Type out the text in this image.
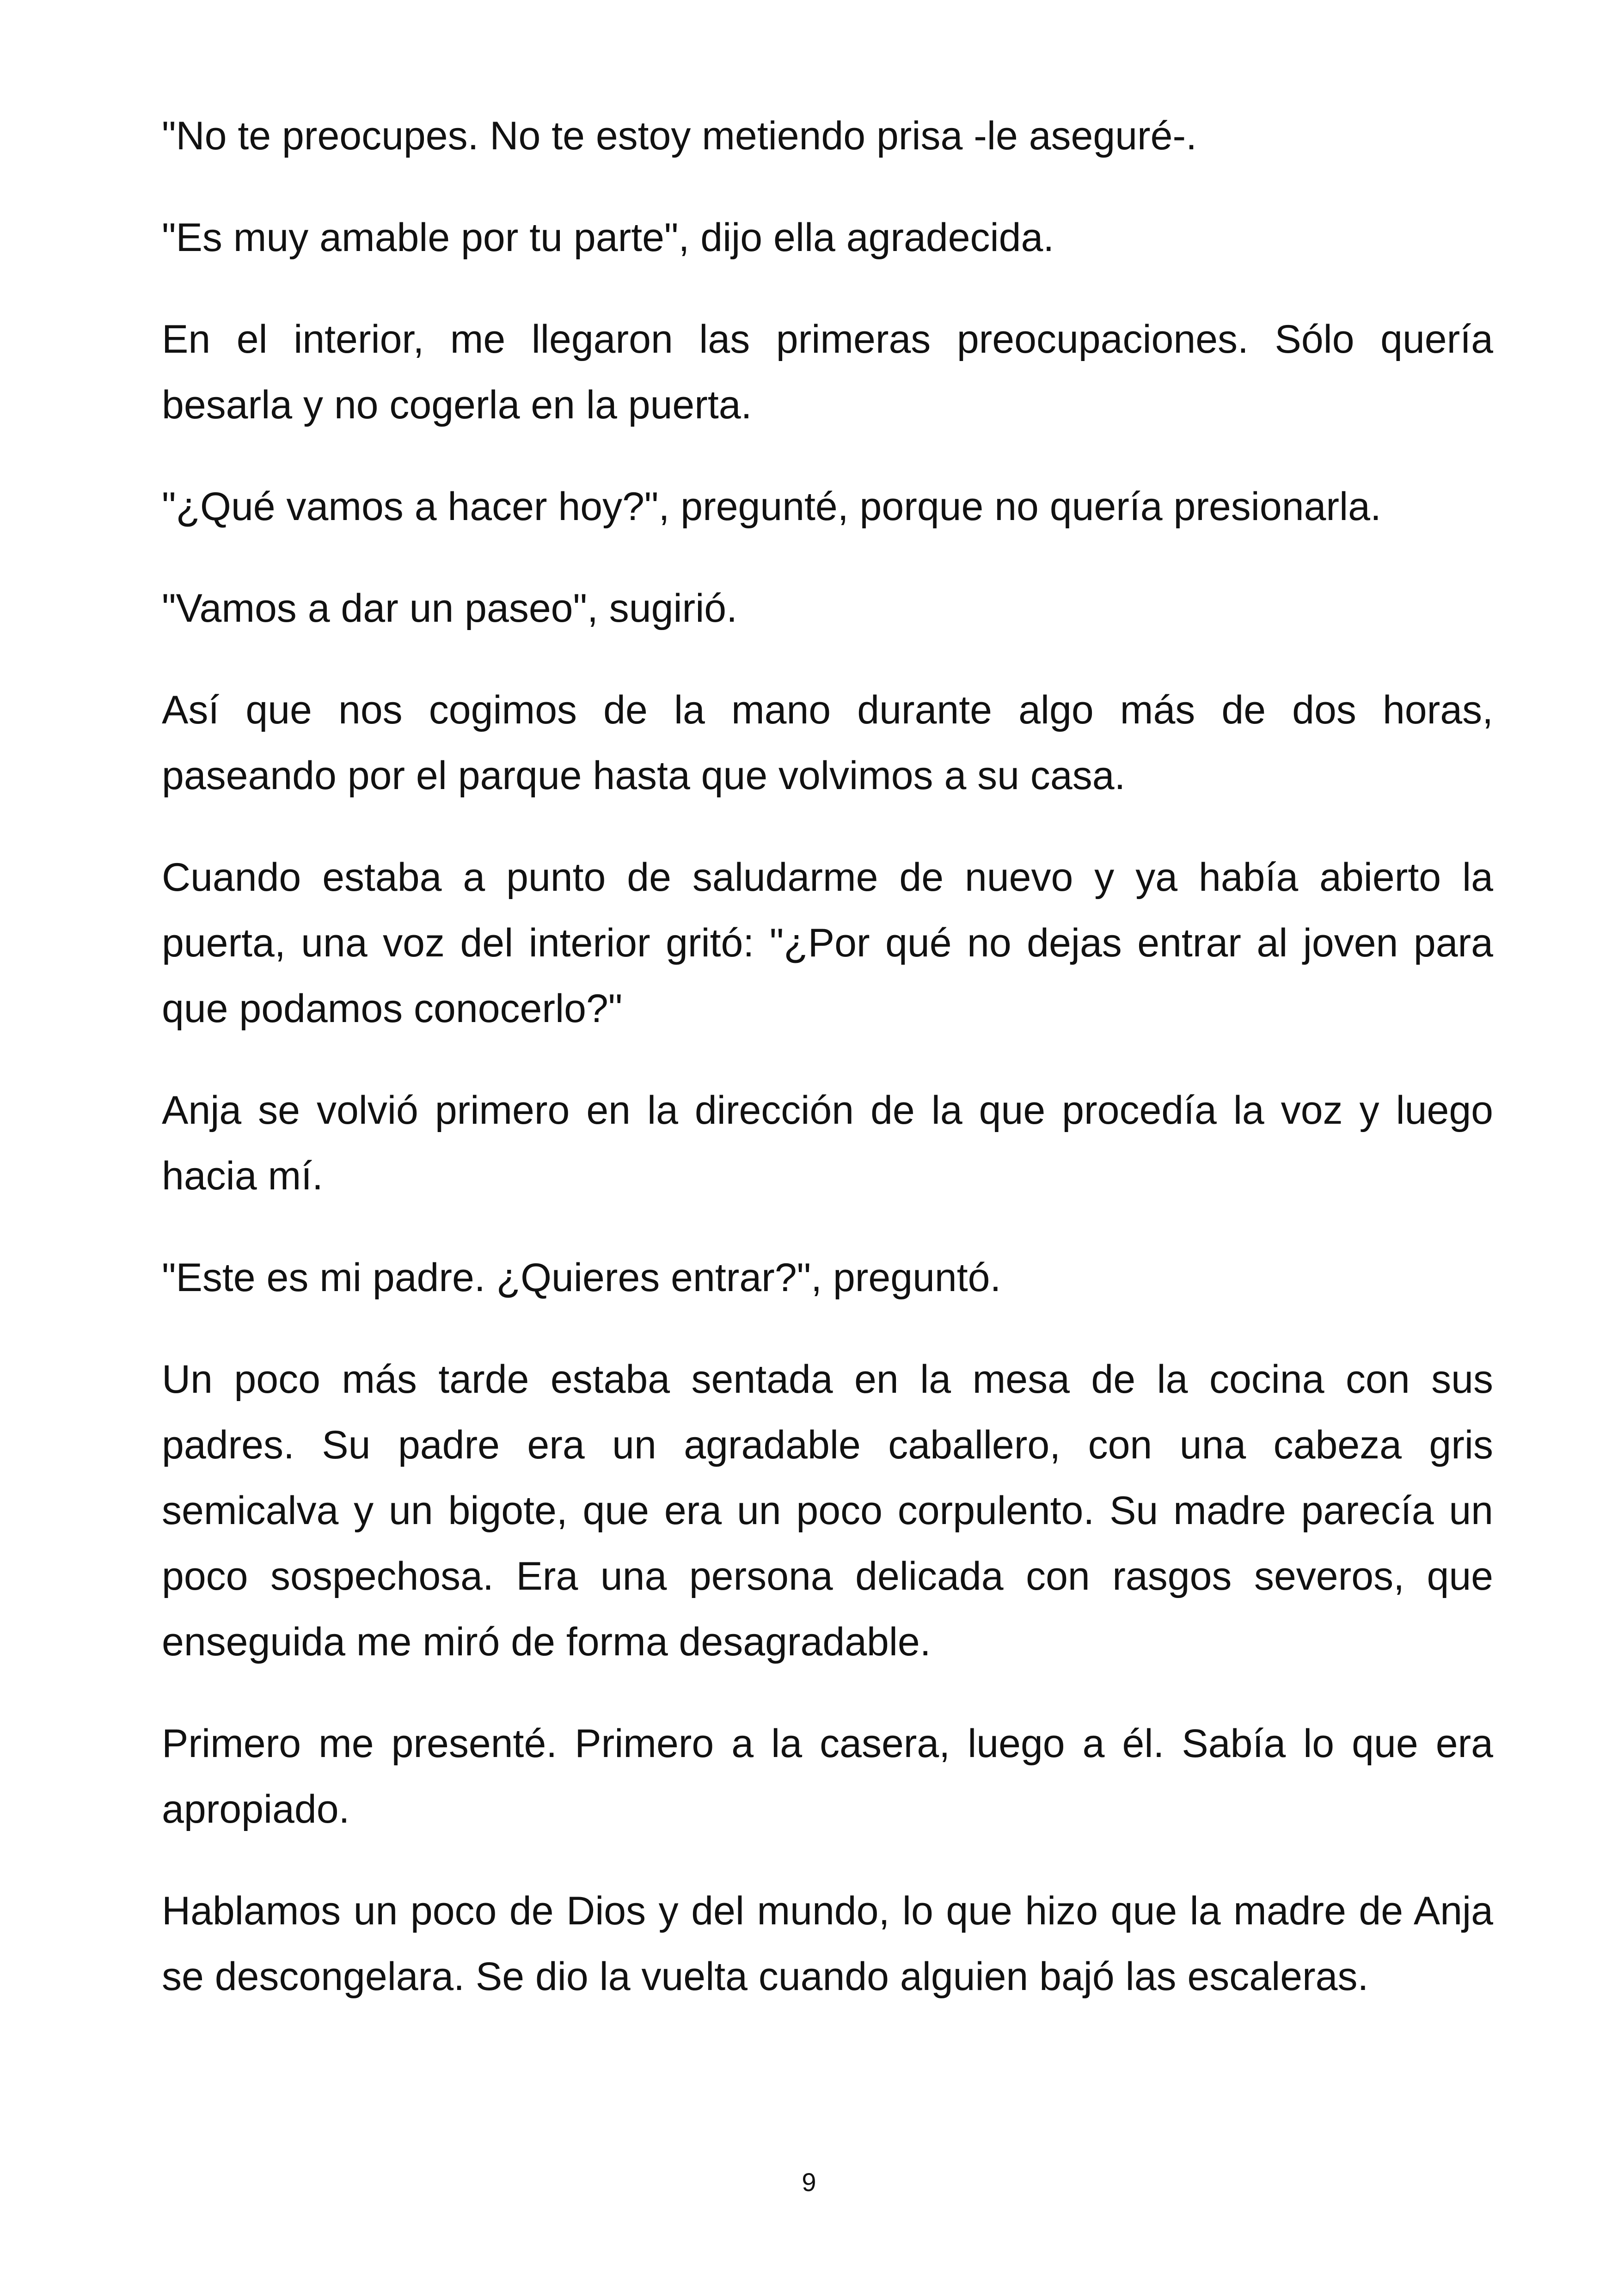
"No te preocupes. No te estoy metiendo prisa -le aseguré-.

"Es muy amable por tu parte", dijo ella agradecida.

En el interior, me llegaron las primeras preocupaciones. Sólo quería besarla y no cogerla en la puerta.

"¿Qué vamos a hacer hoy?", pregunté, porque no quería presionarla.

"Vamos a dar un paseo", sugirió.

Así que nos cogimos de la mano durante algo más de dos horas, paseando por el parque hasta que volvimos a su casa.

Cuando estaba a punto de saludarme de nuevo y ya había abierto la puerta, una voz del interior gritó: "¿Por qué no dejas entrar al joven para que podamos conocerlo?"

Anja se volvió primero en la dirección de la que procedía la voz y luego hacia mí.

"Este es mi padre. ¿Quieres entrar?", preguntó.

Un poco más tarde estaba sentada en la mesa de la cocina con sus padres. Su padre era un agradable caballero, con una cabeza gris semicalva y un bigote, que era un poco corpulento. Su madre parecía un poco sospechosa. Era una persona delicada con rasgos severos, que enseguida me miró de forma desagradable.

Primero me presenté. Primero a la casera, luego a él. Sabía lo que era apropiado.

Hablamos un poco de Dios y del mundo, lo que hizo que la madre de Anja se descongelara. Se dio la vuelta cuando alguien bajó las escaleras.

9
